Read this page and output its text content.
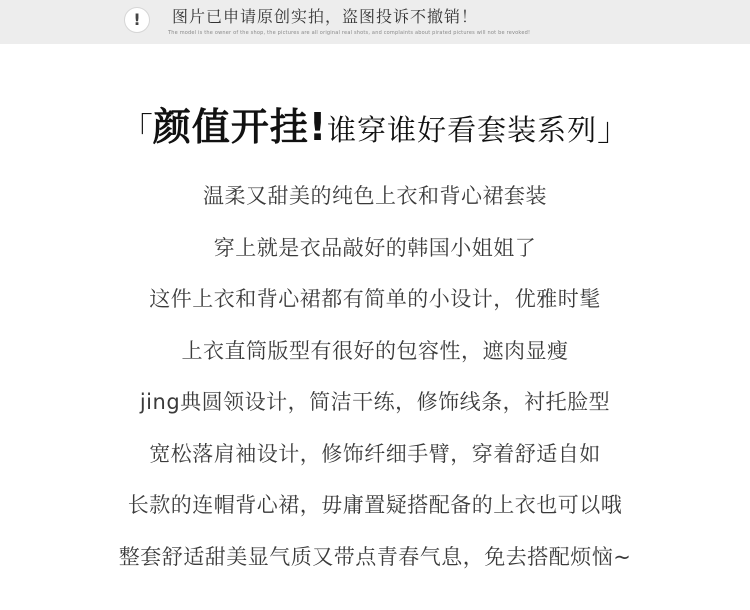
!	图片已申请原创实拍，盗图投诉不撤销！
The model is the owner of the shop, the pictures are all original real shots, and complaints about pirated pictures will not be revoked!
「颜值开挂!谁穿谁好看套装系列」
温柔又甜美的纯色上衣和背心裙套装
穿上就是衣品敲好的韩国小姐姐了
这件上衣和背心裙都有简单的小设计，优雅时髦
上衣直筒版型有很好的包容性，遮肉显瘦
jing典圆领设计，简洁干练，修饰线条，衬托脸型
宽松落肩袖设计，修饰纤细手臂，穿着舒适自如
长款的连帽背心裙，毋庸置疑搭配备的上衣也可以哦
整套舒适甜美显气质又带点青春气息，免去搭配烦恼~
